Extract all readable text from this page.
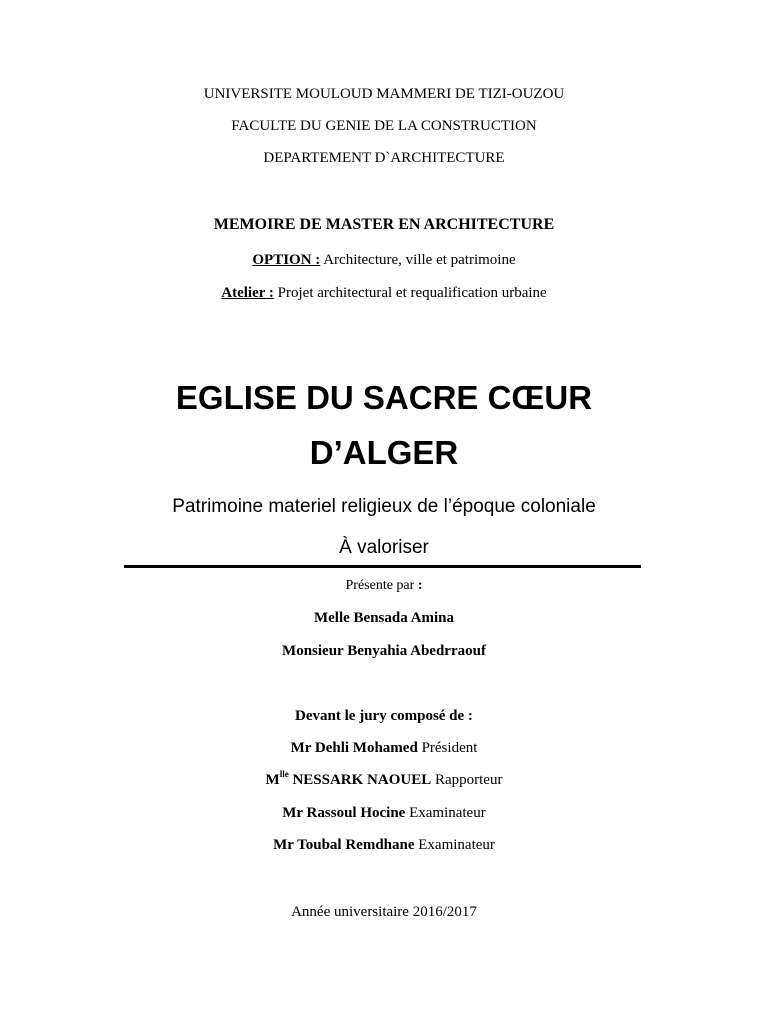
UNIVERSITE MOULOUD MAMMERI DE TIZI-OUZOU
FACULTE DU GENIE DE LA CONSTRUCTION
DEPARTEMENT D`ARCHITECTURE
MEMOIRE DE MASTER EN ARCHITECTURE
OPTION : Architecture, ville et patrimoine
Atelier : Projet architectural et requalification urbaine
EGLISE DU SACRE CŒUR
D’ALGER
Patrimoine materiel religieux de l’époque coloniale
À valoriser
Présente par :
Melle Bensada Amina
Monsieur Benyahia Abedrraouf
Devant le jury composé de :
Mr Dehli Mohamed Président
$M^{lle}$ NESSARK NAOUEL Rapporteur
Mr Rassoul Hocine Examinateur
Mr Toubal Remdhane Examinateur
Année universitaire 2016/2017
